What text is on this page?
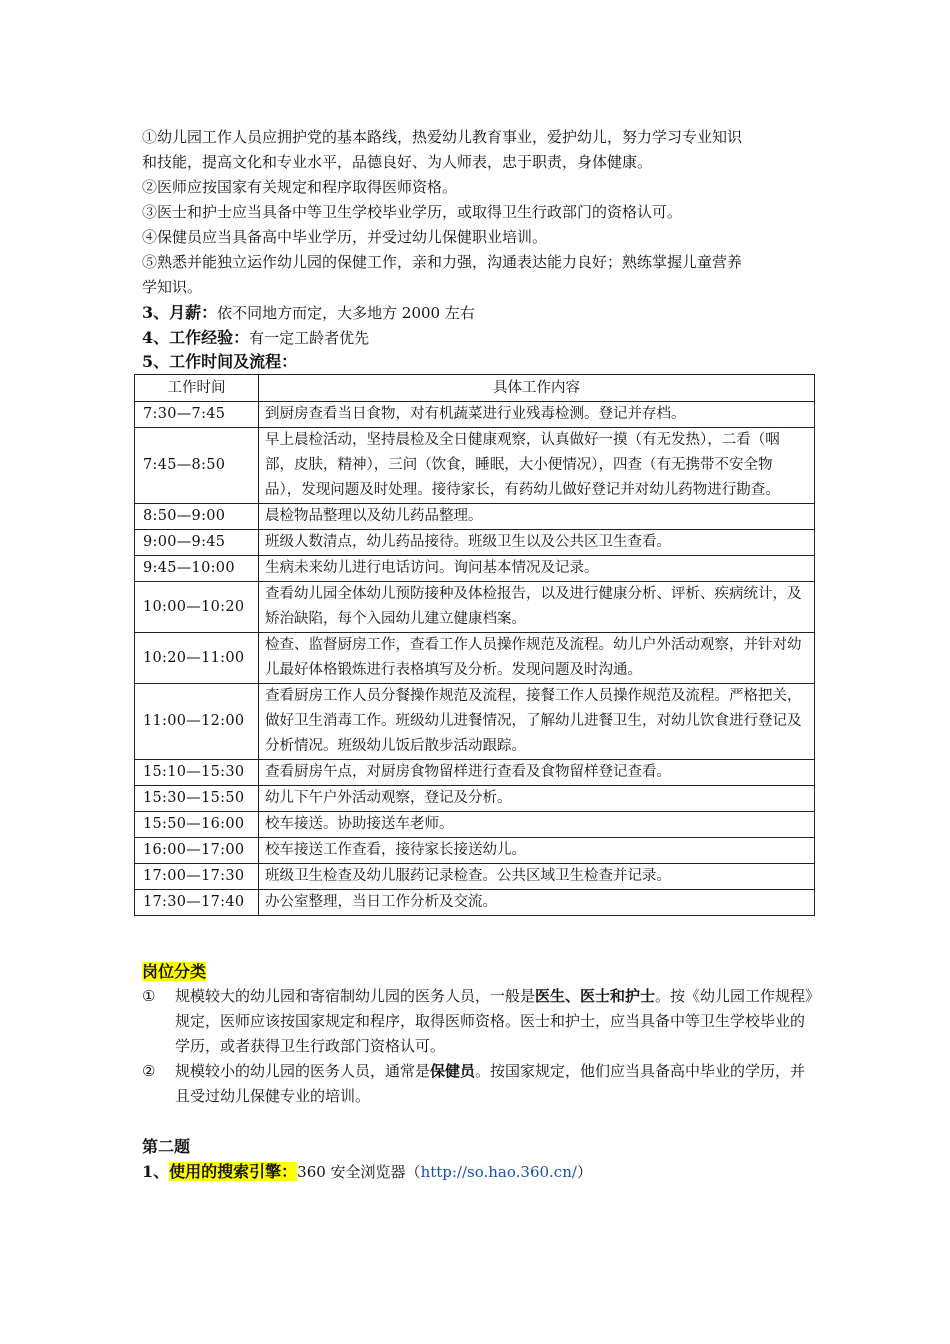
①幼儿园工作人员应拥护党的基本路线，热爱幼儿教育事业，爱护幼儿，努力学习专业知识
和技能，提高文化和专业水平，品德良好、为人师表，忠于职责，身体健康。
②医师应按国家有关规定和程序取得医师资格。
③医士和护士应当具备中等卫生学校毕业学历，或取得卫生行政部门的资格认可。
④保健员应当具备高中毕业学历，并受过幼儿保健职业培训。
⑤熟悉并能独立运作幼儿园的保健工作，亲和力强，沟通表达能力良好；熟练掌握儿童营养
学知识。
3、月薪：依不同地方而定，大多地方 2000 左右
4、工作经验：有一定工龄者优先
5、工作时间及流程：
工作时间	具体工作内容
7:30—7:45	到厨房查看当日食物，对有机蔬菜进行业残毒检测。登记并存档。
7:45—8:50	早上晨检活动，坚持晨检及全日健康观察，认真做好一摸（有无发热），二看（咽部，皮肤，精神），三问（饮食，睡眠，大小便情况），四查（有无携带不安全物品），发现问题及时处理。接待家长，有药幼儿做好登记并对幼儿药物进行勘查。
8:50—9:00	晨检物品整理以及幼儿药品整理。
9:00—9:45	班级人数清点，幼儿药品接待。班级卫生以及公共区卫生查看。
9:45—10:00	生病未来幼儿进行电话访问。询问基本情况及记录。
10:00—10:20	查看幼儿园全体幼儿预防接种及体检报告，以及进行健康分析、评析、疾病统计，及矫治缺陷，每个入园幼儿建立健康档案。
10:20—11:00	检查、监督厨房工作，查看工作人员操作规范及流程。幼儿户外活动观察，并针对幼儿最好体格锻炼进行表格填写及分析。发现问题及时沟通。
11:00—12:00	查看厨房工作人员分餐操作规范及流程，接餐工作人员操作规范及流程。严格把关，做好卫生消毒工作。班级幼儿进餐情况，了解幼儿进餐卫生，对幼儿饮食进行登记及分析情况。班级幼儿饭后散步活动跟踪。
15:10—15:30	查看厨房午点，对厨房食物留样进行查看及食物留样登记查看。
15:30—15:50	幼儿下午户外活动观察，登记及分析。
15:50—16:00	校车接送。协助接送车老师。
16:00—17:00	校车接送工作查看，接待家长接送幼儿。
17:00—17:30	班级卫生检查及幼儿服药记录检查。公共区域卫生检查并记录。
17:30—17:40	办公室整理，当日工作分析及交流。
岗位分类
① 规模较大的幼儿园和寄宿制幼儿园的医务人员，一般是医生、医士和护士。按《幼儿园工作规程》规定，医师应该按国家规定和程序，取得医师资格。医士和护士，应当具备中等卫生学校毕业的学历，或者获得卫生行政部门资格认可。
② 规模较小的幼儿园的医务人员，通常是保健员。按国家规定，他们应当具备高中毕业的学历，并且受过幼儿保健专业的培训。
第二题
1、使用的搜索引擎：360 安全浏览器（http://so.hao.360.cn/）
